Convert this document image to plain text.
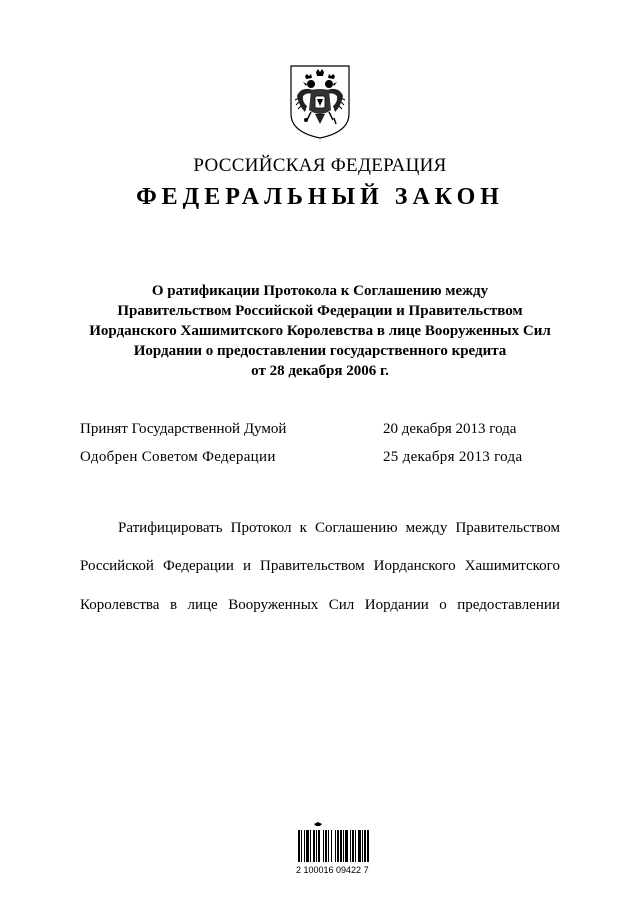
РОССИЙСКАЯ ФЕДЕРАЦИЯ
ФЕДЕРАЛЬНЫЙ ЗАКОН
О ратификации Протокола к Соглашению между
Правительством Российской Федерации и Правительством
Иорданского Хашимитского Королевства в лице Вооруженных Сил
Иордании о предоставлении государственного кредита
от 28 декабря 2006 г.
Принят Государственной Думой	20 декабря 2013 года
Одобрен Советом Федерации	25 декабря 2013 года
Ратифицировать Протокол к Соглашению между Правительством
Российской Федерации и Правительством Иорданского Хашимитского
Королевства в лице Вооруженных Сил Иордании о предоставлении
2 100016 09422 7
